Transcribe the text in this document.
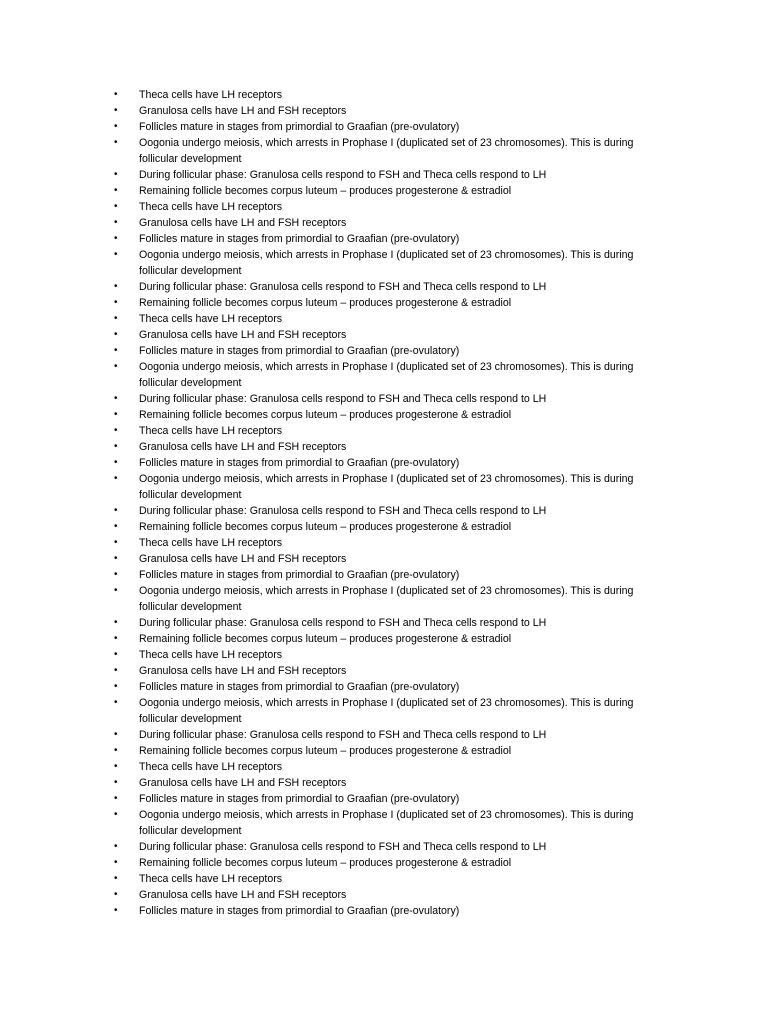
•	Theca cells have LH receptors
•	Granulosa cells have LH and FSH receptors
•	Follicles mature in stages from primordial to Graafian (pre-ovulatory)
•	Oogonia undergo meiosis, which arrests in Prophase I (duplicated set of 23 chromosomes). This is during follicular development
•	During follicular phase: Granulosa cells respond to FSH and Theca cells respond to LH
•	Remaining follicle becomes corpus luteum – produces progesterone & estradiol
•	Theca cells have LH receptors
•	Granulosa cells have LH and FSH receptors
•	Follicles mature in stages from primordial to Graafian (pre-ovulatory)
•	Oogonia undergo meiosis, which arrests in Prophase I (duplicated set of 23 chromosomes). This is during follicular development
•	During follicular phase: Granulosa cells respond to FSH and Theca cells respond to LH
•	Remaining follicle becomes corpus luteum – produces progesterone & estradiol
•	Theca cells have LH receptors
•	Granulosa cells have LH and FSH receptors
•	Follicles mature in stages from primordial to Graafian (pre-ovulatory)
•	Oogonia undergo meiosis, which arrests in Prophase I (duplicated set of 23 chromosomes). This is during follicular development
•	During follicular phase: Granulosa cells respond to FSH and Theca cells respond to LH
•	Remaining follicle becomes corpus luteum – produces progesterone & estradiol
•	Theca cells have LH receptors
•	Granulosa cells have LH and FSH receptors
•	Follicles mature in stages from primordial to Graafian (pre-ovulatory)
•	Oogonia undergo meiosis, which arrests in Prophase I (duplicated set of 23 chromosomes). This is during follicular development
•	During follicular phase: Granulosa cells respond to FSH and Theca cells respond to LH
•	Remaining follicle becomes corpus luteum – produces progesterone & estradiol
•	Theca cells have LH receptors
•	Granulosa cells have LH and FSH receptors
•	Follicles mature in stages from primordial to Graafian (pre-ovulatory)
•	Oogonia undergo meiosis, which arrests in Prophase I (duplicated set of 23 chromosomes). This is during follicular development
•	During follicular phase: Granulosa cells respond to FSH and Theca cells respond to LH
•	Remaining follicle becomes corpus luteum – produces progesterone & estradiol
•	Theca cells have LH receptors
•	Granulosa cells have LH and FSH receptors
•	Follicles mature in stages from primordial to Graafian (pre-ovulatory)
•	Oogonia undergo meiosis, which arrests in Prophase I (duplicated set of 23 chromosomes). This is during follicular development
•	During follicular phase: Granulosa cells respond to FSH and Theca cells respond to LH
•	Remaining follicle becomes corpus luteum – produces progesterone & estradiol
•	Theca cells have LH receptors
•	Granulosa cells have LH and FSH receptors
•	Follicles mature in stages from primordial to Graafian (pre-ovulatory)
•	Oogonia undergo meiosis, which arrests in Prophase I (duplicated set of 23 chromosomes). This is during follicular development
•	During follicular phase: Granulosa cells respond to FSH and Theca cells respond to LH
•	Remaining follicle becomes corpus luteum – produces progesterone & estradiol
•	Theca cells have LH receptors
•	Granulosa cells have LH and FSH receptors
•	Follicles mature in stages from primordial to Graafian (pre-ovulatory)
